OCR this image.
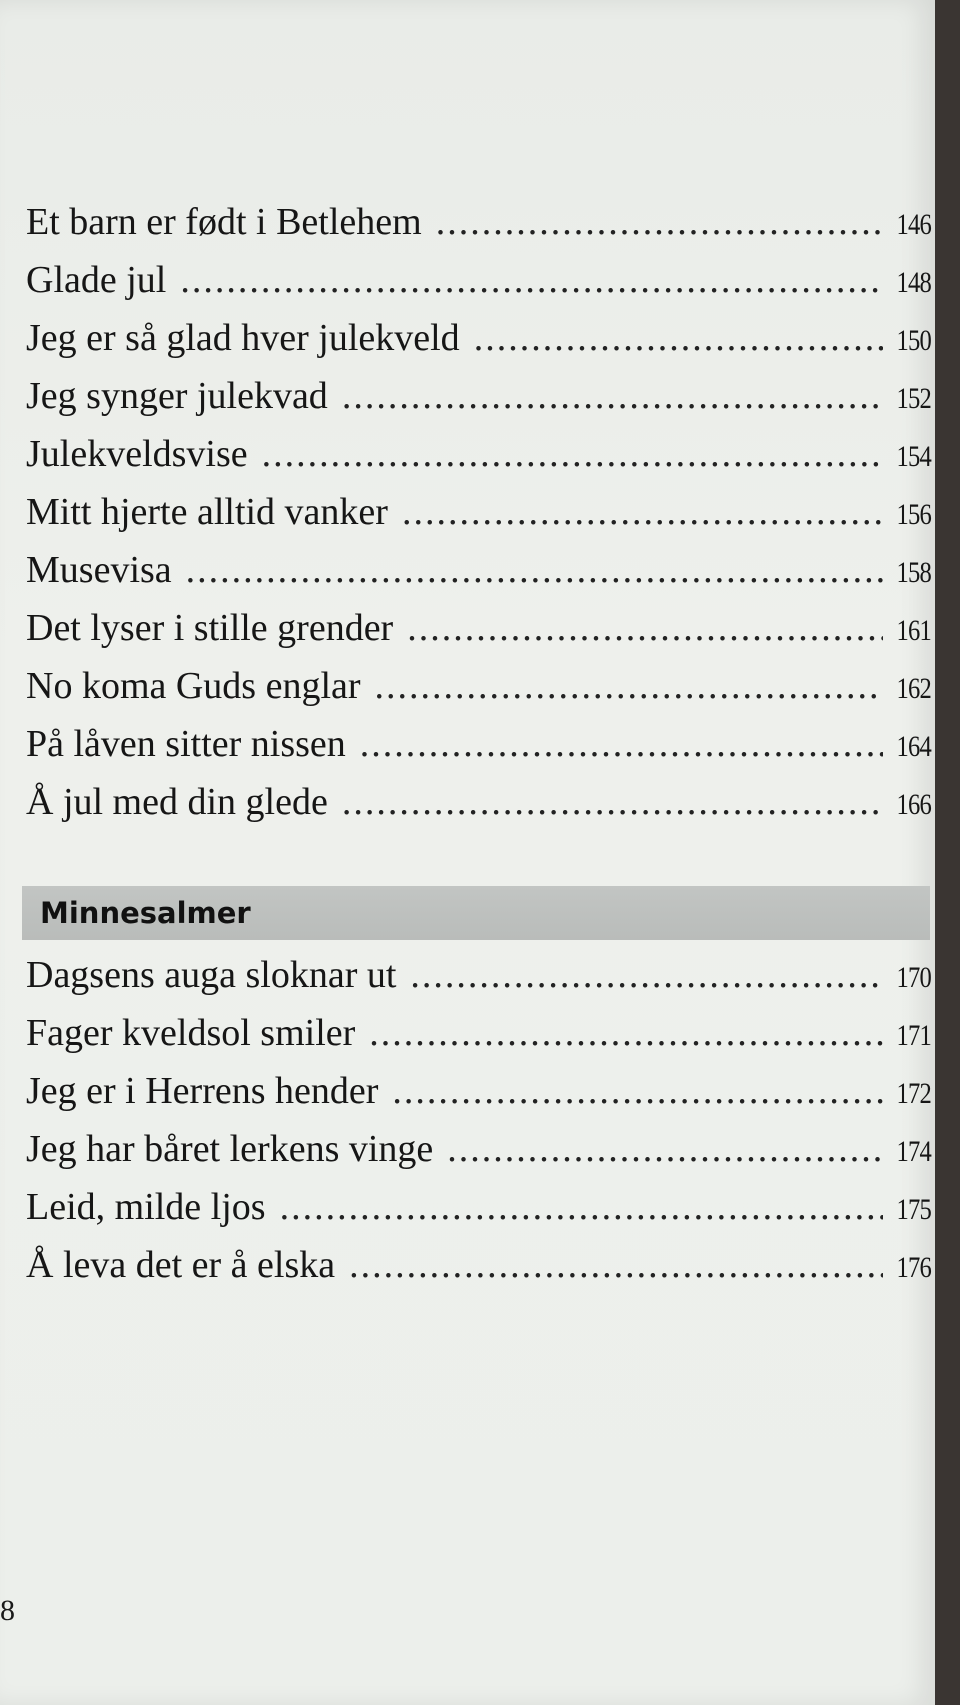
Et barn er født i Betlehem .....	146
Glade jul .....	148
Jeg er så glad hver julekveld .....	150
Jeg synger julekvad .....	152
Julekveldsvise .....	154
Mitt hjerte alltid vanker .....	156
Musevisa .....	158
Det lyser i stille grender .....	161
No koma Guds englar .....	162
På låven sitter nissen .....	164
Å jul med din glede .....	166
Minnesalmer
Dagsens auga sloknar ut .....	170
Fager kveldsol smiler .....	171
Jeg er i Herrens hender .....	172
Jeg har båret lerkens vinge .....	174
Leid, milde ljos .....	175
Å leva det er å elska .....	176
8
